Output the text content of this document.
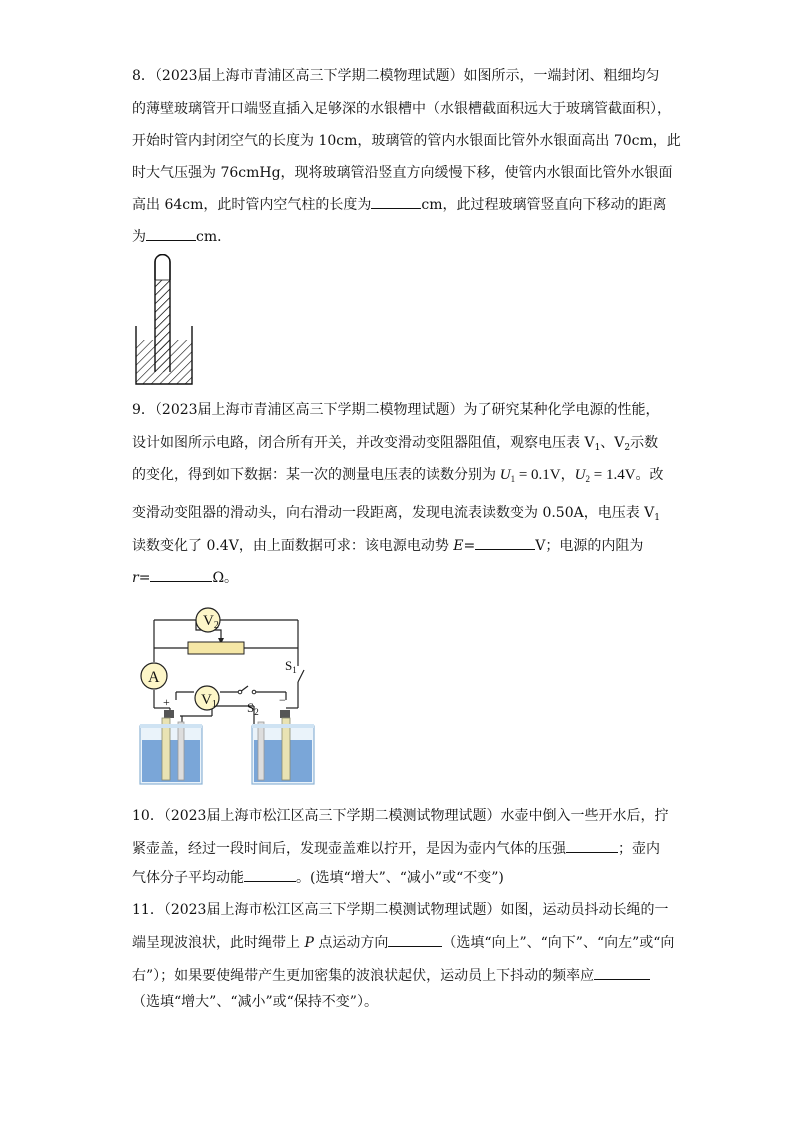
8．（2023届上海市青浦区高三下学期二模物理试题）如图所示，一端封闭、粗细均匀
的薄壁玻璃管开口端竖直插入足够深的水银槽中（水银槽截面积远大于玻璃管截面积），
开始时管内封闭空气的长度为 10cm，玻璃管的管内水银面比管外水银面高出 70cm，此
时大气压强为 76cmHg，现将玻璃管沿竖直方向缓慢下移，使管内水银面比管外水银面
高出 64cm，此时管内空气柱的长度为	cm，此过程玻璃管竖直向下移动的距离
为	cm．
9．（2023届上海市青浦区高三下学期二模物理试题）为了研究某种化学电源的性能，
设计如图所示电路，闭合所有开关，并改变滑动变阻器阻值，观察电压表 $V_1$、$V_2$示数
的变化，得到如下数据：某一次的测量电压表的读数分别为 $U_1 = 0.1V$，$U_2 = 1.4V$。改
变滑动变阻器的滑动头，向右滑动一段距离，发现电流表读数变为 0.50A，电压表 $V_1$
读数变化了 0.4V，由上面数据可求：该电源电动势 E=	V；电源的内阻为
r=	Ω。
$V_2$
A
$V_1$
$S_1$
$S_2$
+	−
10．（2023届上海市松江区高三下学期二模测试物理试题）水壶中倒入一些开水后，拧
紧壶盖，经过一段时间后，发现壶盖难以拧开，是因为壶内气体的压强	；壶内
气体分子平均动能	。(选填“增大”、“减小”或“不变”)
11．（2023届上海市松江区高三下学期二模测试物理试题）如图，运动员抖动长绳的一
端呈现波浪状，此时绳带上 P 点运动方向	（选填“向上”、“向下”、“向左”或“向
右”）；如果要使绳带产生更加密集的波浪状起伏，运动员上下抖动的频率应
（选填“增大”、“减小”或“保持不变”）。
